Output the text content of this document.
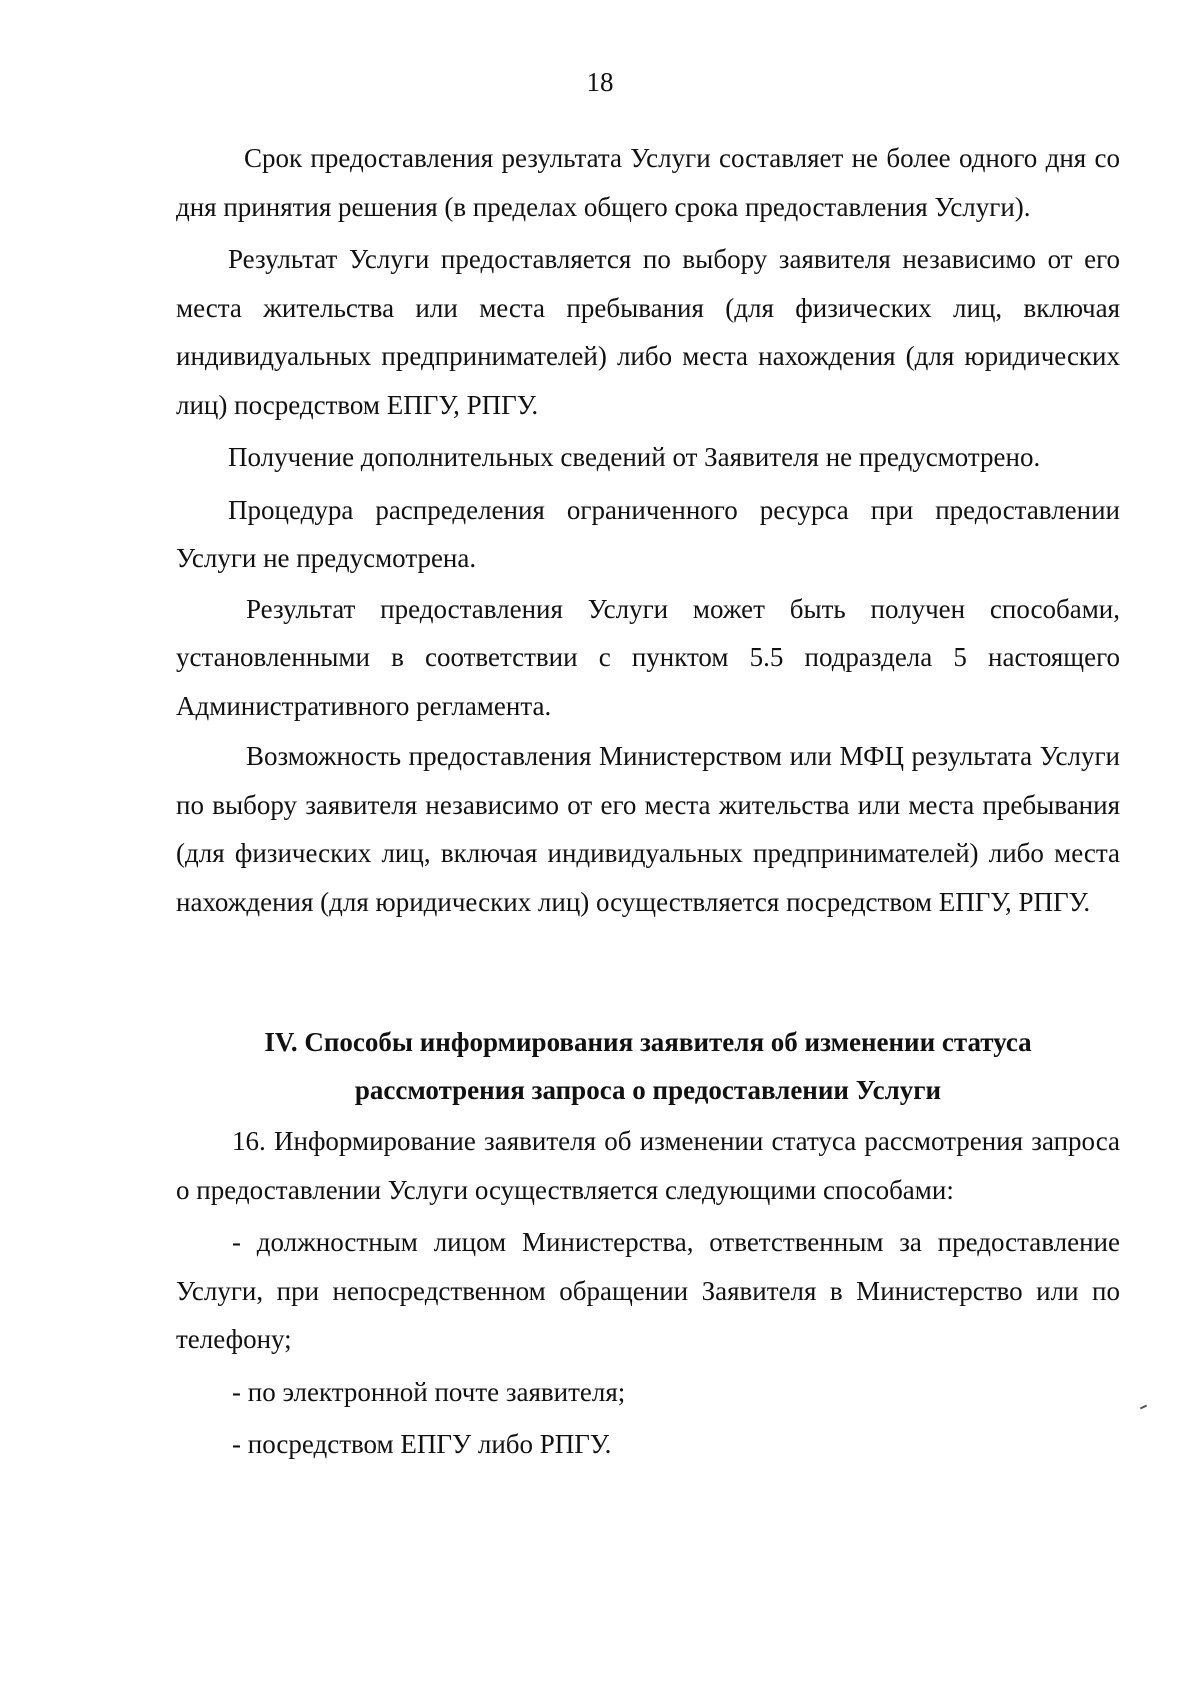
18

Срок предоставления результата Услуги составляет не более одного дня со дня принятия решения (в пределах общего срока предоставления Услуги).

Результат Услуги предоставляется по выбору заявителя независимо от его места жительства или места пребывания (для физических лиц, включая индивидуальных предпринимателей) либо места нахождения (для юридических лиц) посредством ЕПГУ, РПГУ.

Получение дополнительных сведений от Заявителя не предусмотрено.

Процедура распределения ограниченного ресурса при предоставлении Услуги не предусмотрена.

Результат предоставления Услуги может быть получен способами, установленными в соответствии с пунктом 5.5 подраздела 5 настоящего Административного регламента.

Возможность предоставления Министерством или МФЦ результата Услуги по выбору заявителя независимо от его места жительства или места пребывания (для физических лиц, включая индивидуальных предпринимателей) либо места нахождения (для юридических лиц) осуществляется посредством ЕПГУ, РПГУ.

IV. Способы информирования заявителя об изменении статуса
рассмотрения запроса о предоставлении Услуги

16. Информирование заявителя об изменении статуса рассмотрения запроса о предоставлении Услуги осуществляется следующими способами:

- должностным лицом Министерства, ответственным за предоставление Услуги, при непосредственном обращении Заявителя в Министерство или по телефону;

- по электронной почте заявителя;

- посредством ЕПГУ либо РПГУ.
